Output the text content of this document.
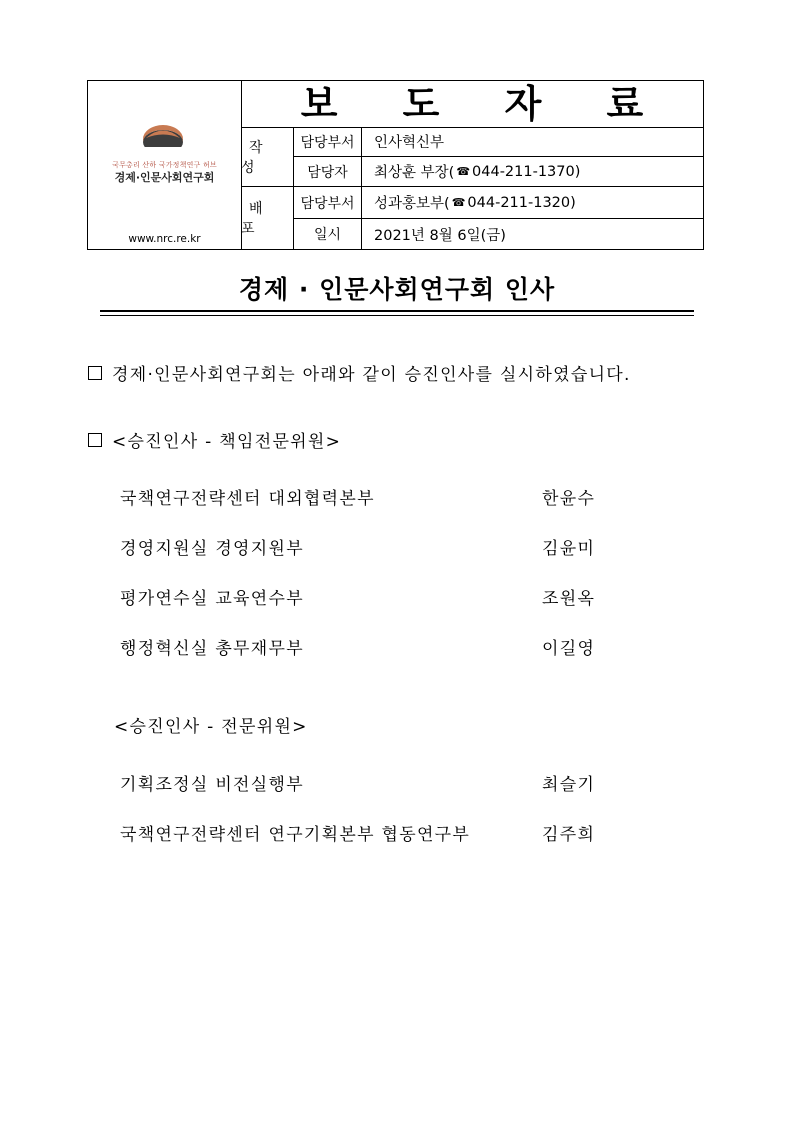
국무총리 산하 국가정책연구 허브
경제·인문사회연구회
www.nrc.re.kr
보 도 자 료
작 성
배 포
담당부서	인사혁신부
담당자	최상훈 부장( ☎ 044-211-1370)
담당부서	성과홍보부( ☎ 044-211-1320)
일시	2021년 8월 6일(금)
경제 · 인문사회연구회 인사
경제·인문사회연구회는 아래와 같이 승진인사를 실시하였습니다.
<승진인사 - 책임전문위원>
국책연구전략센터 대외협력본부	한윤수
경영지원실 경영지원부	김윤미
평가연수실 교육연수부	조원옥
행정혁신실 총무재무부	이길영
<승진인사 - 전문위원>
기획조정실 비전실행부	최슬기
국책연구전략센터 연구기획본부 협동연구부	김주희
